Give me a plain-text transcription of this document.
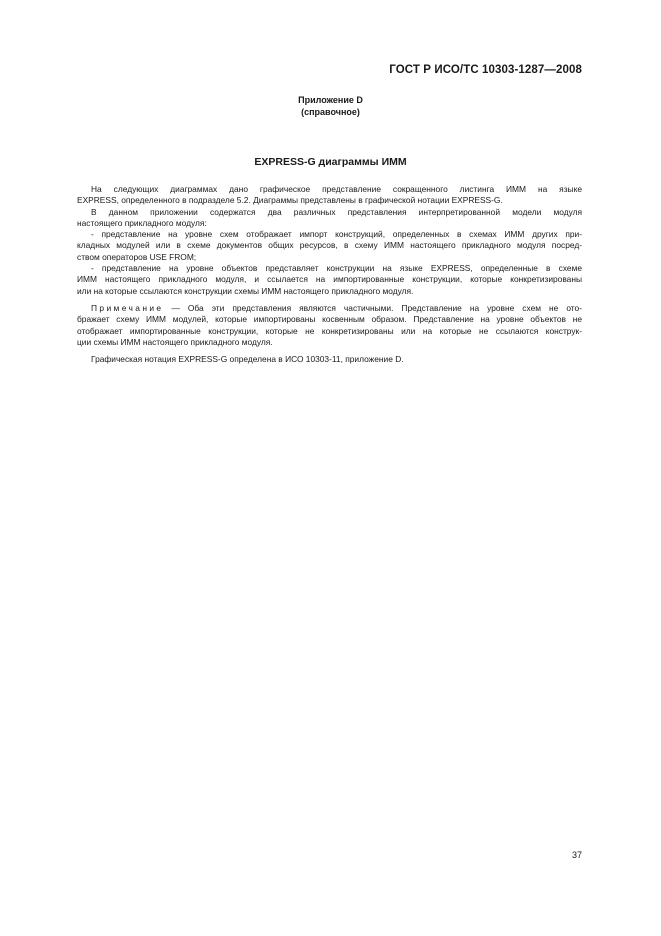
ГОСТ Р ИСО/ТС 10303-1287—2008
Приложение D
(справочное)
EXPRESS-G диаграммы ИММ

На следующих диаграммах дано графическое представление сокращенного листинга ИММ на языке
EXPRESS, определенного в подразделе 5.2. Диаграммы представлены в графической нотации EXPRESS-G.

В данном приложении содержатся два различных представления интерпретированной модели модуля
настоящего прикладного модуля:

- представление на уровне схем отображает импорт конструкций, определенных в схемах ИММ других при-
кладных модулей или в схеме документов общих ресурсов, в схему ИММ настоящего прикладного модуля посред-
ством операторов USE FROM;

- представление на уровне объектов представляет конструкции на языке EXPRESS, определенные в схеме
ИММ настоящего прикладного модуля, и ссылается на импортированные конструкции, которые конкретизированы
или на которые ссылаются конструкции схемы ИММ настоящего прикладного модуля.

Примечание — Оба эти представления являются частичными. Представление на уровне схем не ото-
бражает схему ИММ модулей, которые импортированы косвенным образом. Представление на уровне объектов не
отображает импортированные конструкции, которые не конкретизированы или на которые не ссылаются конструк-
ции схемы ИММ настоящего прикладного модуля.

Графическая нотация EXPRESS-G определена в ИСО 10303-11, приложение D.

37
